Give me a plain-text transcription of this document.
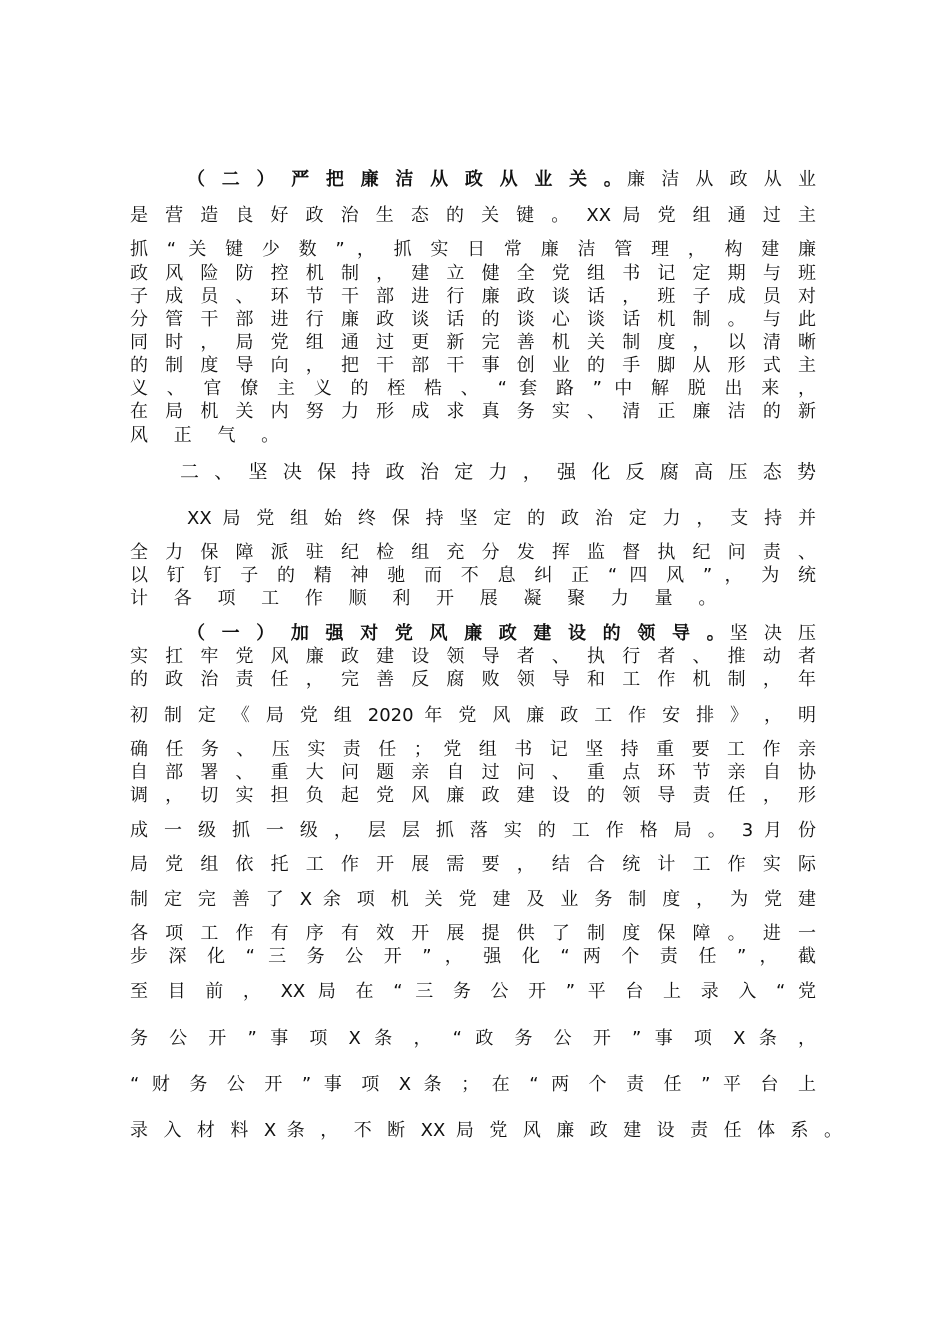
（ 二 ） 严 把 廉 洁 从 政 从 业 关 。廉 洁 从 政 从 业
是 营 造 良 好 政 治 生 态 的 关 键 。 XX 局 党 组 通 过 主
抓 “ 关 键 少 数 ” ， 抓 实 日 常 廉 洁 管 理 ， 构 建 廉
政 风 险 防 控 机 制 ， 建 立 健 全 党 组 书 记 定 期 与 班
子 成 员 、 环 节 干 部 进 行 廉 政 谈 话 ， 班 子 成 员 对
分 管 干 部 进 行 廉 政 谈 话 的 谈 心 谈 话 机 制 。 与 此
同 时 ， 局 党 组 通 过 更 新 完 善 机 关 制 度 ， 以 清 晰
的 制 度 导 向 ， 把 干 部 干 事 创 业 的 手 脚 从 形 式 主
义 、 官 僚 主 义 的 桎 梏 、 “ 套 路 ” 中 解 脱 出 来 ，
在 局 机 关 内 努 力 形 成 求 真 务 实 、 清 正 廉 洁 的 新
风 正 气 。
二 、 坚 决 保 持 政 治 定 力 ， 强 化 反 腐 高 压 态 势
XX 局 党 组 始 终 保 持 坚 定 的 政 治 定 力 ， 支 持 并
全 力 保 障 派 驻 纪 检 组 充 分 发 挥 监 督 执 纪 问 责 、
以 钉 钉 子 的 精 神 驰 而 不 息 纠 正 “ 四 风 ” ， 为 统
计 各 项 工 作 顺 利 开 展 凝 聚 力 量 。
（ 一 ） 加 强 对 党 风 廉 政 建 设 的 领 导 。坚 决 压
实 扛 牢 党 风 廉 政 建 设 领 导 者 、 执 行 者 、 推 动 者
的 政 治 责 任 ， 完 善 反 腐 败 领 导 和 工 作 机 制 ， 年
初 制 定 《 局 党 组 2020 年 党 风 廉 政 工 作 安 排 》 ， 明
确 任 务 、 压 实 责 任 ； 党 组 书 记 坚 持 重 要 工 作 亲
自 部 署 、 重 大 问 题 亲 自 过 问 、 重 点 环 节 亲 自 协
调 ， 切 实 担 负 起 党 风 廉 政 建 设 的 领 导 责 任 ， 形
成 一 级 抓 一 级 ， 层 层 抓 落 实 的 工 作 格 局 。 3 月 份
局 党 组 依 托 工 作 开 展 需 要 ， 结 合 统 计 工 作 实 际
制 定 完 善 了 X 余 项 机 关 党 建 及 业 务 制 度 ， 为 党 建
各 项 工 作 有 序 有 效 开 展 提 供 了 制 度 保 障 。 进 一
步 深 化 “ 三 务 公 开 ” ， 强 化 “ 两 个 责 任 ” ， 截
至 目 前 ， XX 局 在 “ 三 务 公 开 ” 平 台 上 录 入 “ 党
务 公 开 ” 事 项 X 条 ， “ 政 务 公 开 ” 事 项 X 条 ，
“ 财 务 公 开 ” 事 项 X 条 ； 在 “ 两 个 责 任 ” 平 台 上
录 入 材 料 X 条 ， 不 断 XX 局 党 风 廉 政 建 设 责 任 体 系 。
